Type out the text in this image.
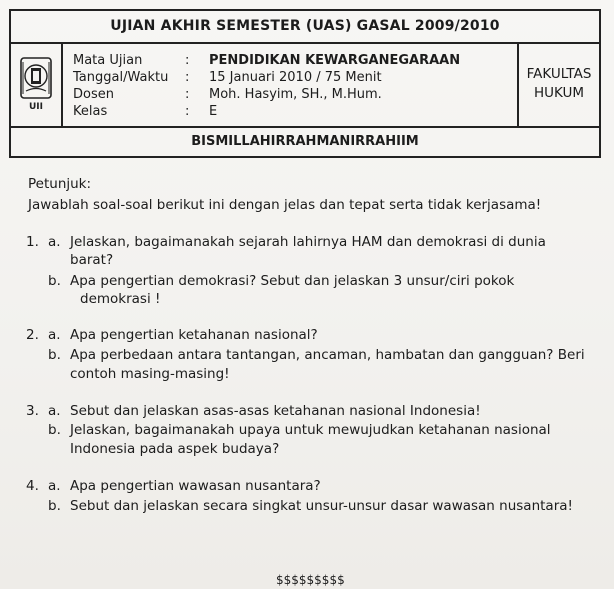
UJIAN AKHIR SEMESTER (UAS) GASAL 2009/2010
UII
Mata Ujian	: PENDIDIKAN KEWARGANEGARAAN
Tanggal/Waktu : 15 Januari 2010 / 75 Menit
Dosen	: Moh. Hasyim, SH., M.Hum.
Kelas	: E
FAKULTAS
HUKUM
BISMILLAHIRRAHMANIRRAHIIM
Petunjuk:
Jawablah soal-soal berikut ini dengan jelas dan tepat serta tidak kerjasama!
1. a. Jelaskan, bagaimanakah sejarah lahirnya HAM dan demokrasi di dunia
barat?
b. Apa pengertian demokrasi? Sebut dan jelaskan 3 unsur/ciri pokok
demokrasi !
2. a. Apa pengertian ketahanan nasional?
b. Apa perbedaan antara tantangan, ancaman, hambatan dan gangguan? Beri
contoh masing-masing!
3. a. Sebut dan jelaskan asas-asas ketahanan nasional Indonesia!
b. Jelaskan, bagaimanakah upaya untuk mewujudkan ketahanan nasional
Indonesia pada aspek budaya?
4. a. Apa pengertian wawasan nusantara?
b. Sebut dan jelaskan secara singkat unsur-unsur dasar wawasan nusantara!
$$$$$$$$$
